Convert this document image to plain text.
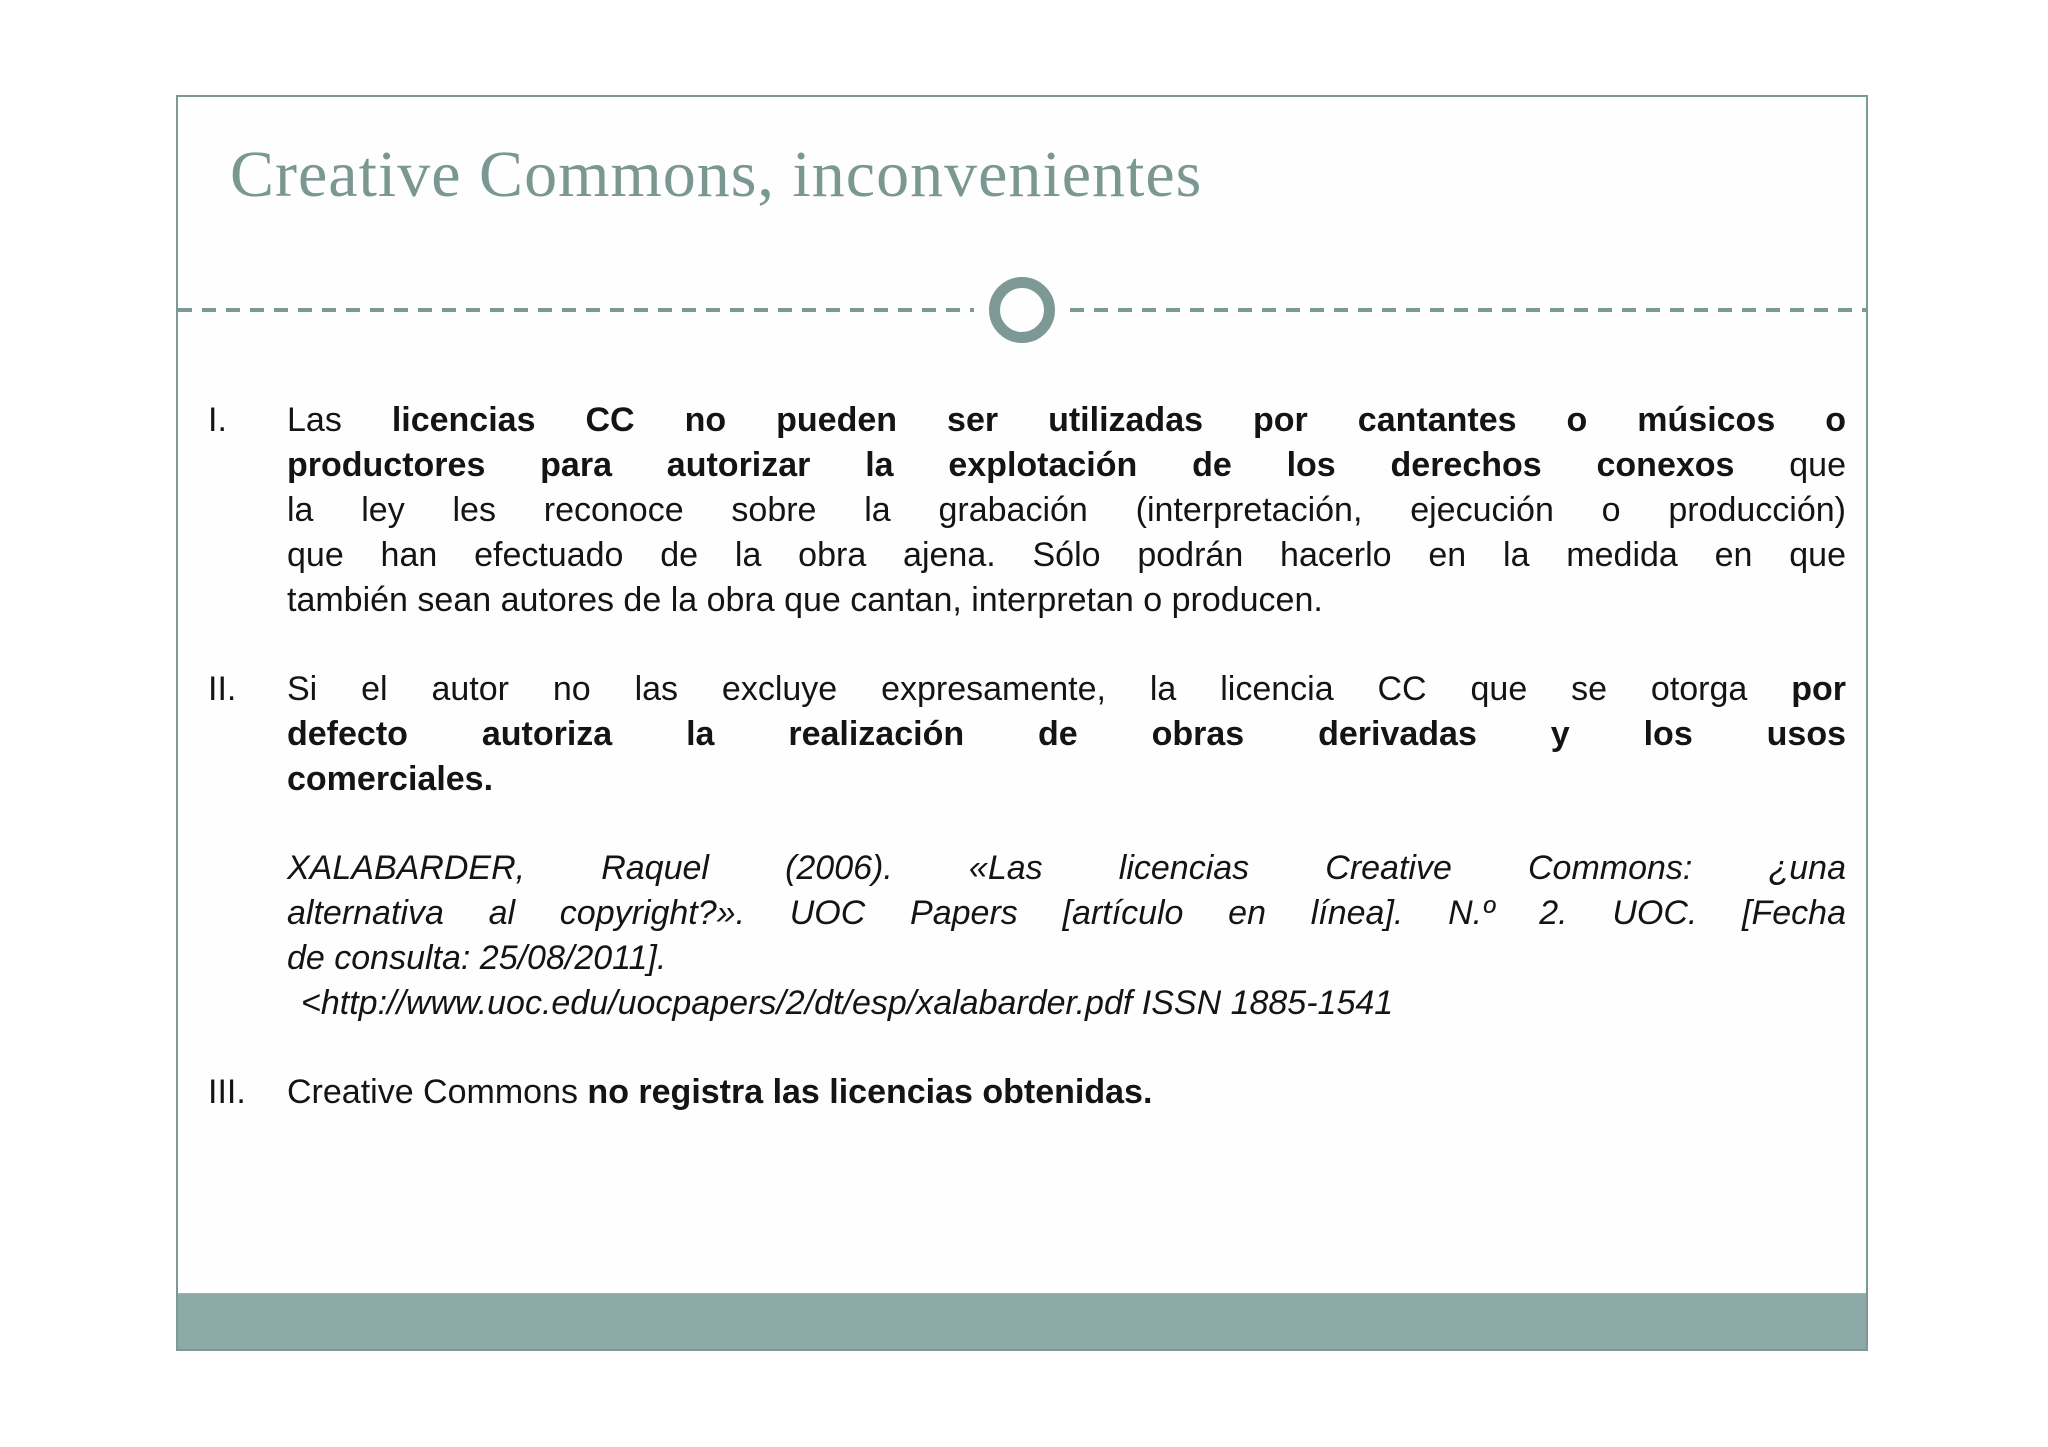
Creative Commons, inconvenientes
I.	Las licencias CC no pueden ser utilizadas por cantantes o músicos o
productores para autorizar la explotación de los derechos conexos que
la ley les reconoce sobre la grabación (interpretación, ejecución o producción)
que han efectuado de la obra ajena. Sólo podrán hacerlo en la medida en que
también sean autores de la obra que cantan, interpretan o producen.
II.	Si el autor no las excluye expresamente, la licencia CC que se otorga por
defecto autoriza la realización de obras derivadas y los usos
comerciales.
XALABARDER, Raquel (2006). «Las licencias Creative Commons: ¿una
alternativa al copyright?». UOC Papers [artículo en línea]. N.º 2. UOC. [Fecha
de consulta: 25/08/2011].
<http://www.uoc.edu/uocpapers/2/dt/esp/xalabarder.pdf ISSN 1885-1541
III.	Creative Commons no registra las licencias obtenidas.
